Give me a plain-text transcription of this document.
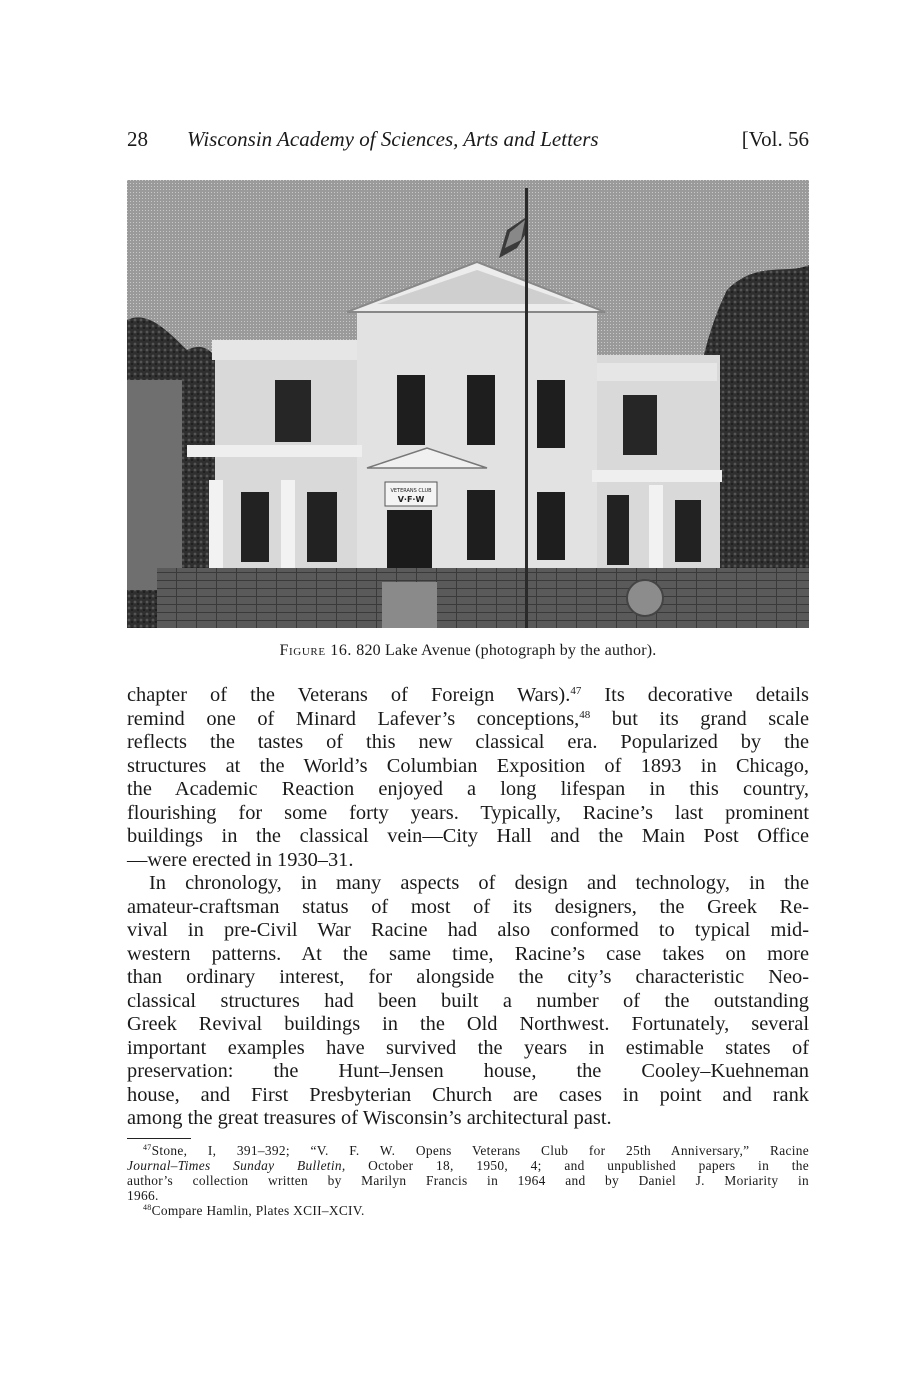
28 Wisconsin Academy of Sciences, Arts and Letters	[Vol. 56
VETERANS CLUB
V·F·W
Figure 16. 820 Lake Avenue (photograph by the author).
chapter of the Veterans of Foreign Wars).$^{47}$ Its decorative details
remind one of Minard Lafever’s conceptions,$^{48}$ but its grand scale
reflects the tastes of this new classical era. Popularized by the
structures at the World’s Columbian Exposition of 1893 in Chicago,
the Academic Reaction enjoyed a long lifespan in this country,
flourishing for some forty years. Typically, Racine’s last prominent
buildings in the classical vein—City Hall and the Main Post Office
—were erected in 1930–31.
In chronology, in many aspects of design and technology, in the
amateur-craftsman status of most of its designers, the Greek Re-
vival in pre-Civil War Racine had also conformed to typical mid-
western patterns. At the same time, Racine’s case takes on more
than ordinary interest, for alongside the city’s characteristic Neo-
classical structures had been built a number of the outstanding
Greek Revival buildings in the Old Northwest. Fortunately, several
important examples have survived the years in estimable states of
preservation: the Hunt–Jensen house, the Cooley–Kuehneman
house, and First Presbyterian Church are cases in point and rank
among the great treasures of Wisconsin’s architectural past.
$^{47}$Stone, I, 391–392; “V. F. W. Opens Veterans Club for 25th Anniversary,” Racine
Journal–Times Sunday Bulletin, October 18, 1950, 4; and unpublished papers in the
author’s collection written by Marilyn Francis in 1964 and by Daniel J. Moriarity in
1966.
$^{48}$Compare Hamlin, Plates XCII–XCIV.
